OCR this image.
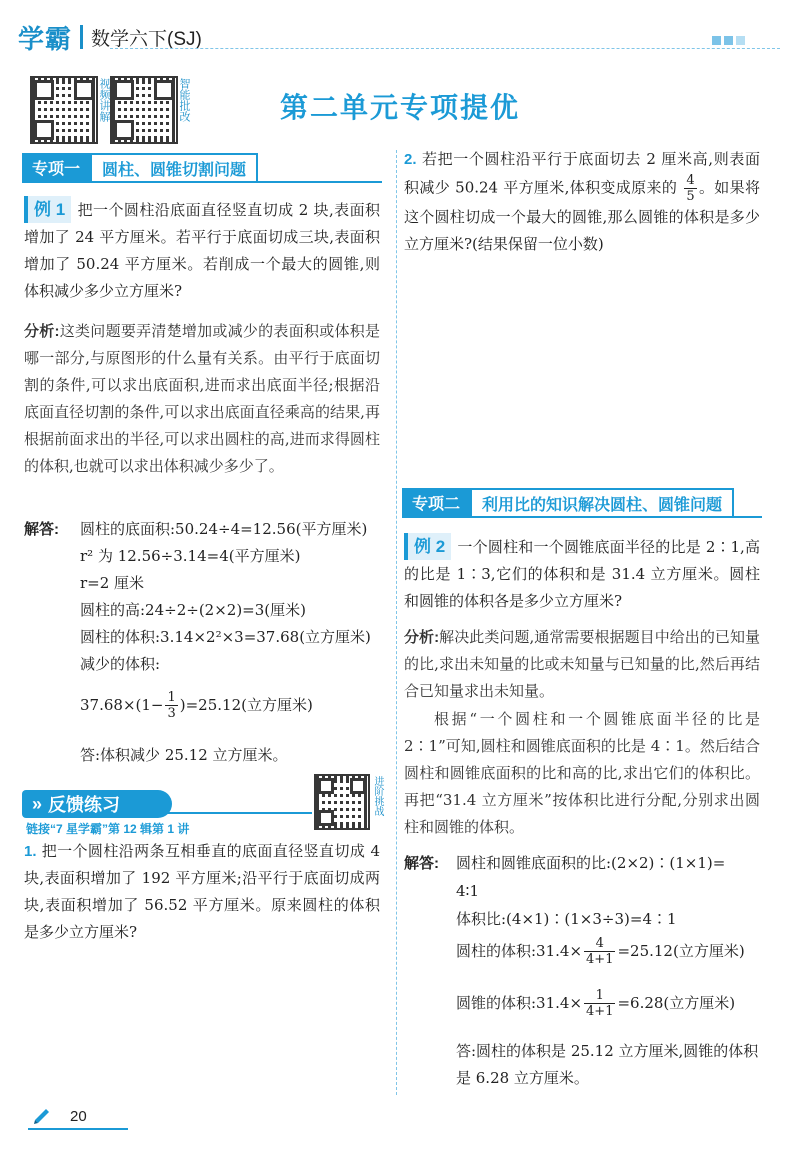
学霸 数学六下(SJ)
视频讲解	智能批改	第二单元专项提优
专项一	圆柱、圆锥切割问题
例 1 把一个圆柱沿底面直径竖直切成 2 块,表面积增加了 24 平方厘米。若平行于底面切成三块,表面积增加了 50.24 平方厘米。若削成一个最大的圆锥,则体积减少多少立方厘米?
分析:这类问题要弄清楚增加或减少的表面积或体积是哪一部分,与原图形的什么量有关系。由平行于底面切割的条件,可以求出底面积,进而求出底面半径;根据沿底面直径切割的条件,可以求出底面直径乘高的结果,再根据前面求出的半径,可以求出圆柱的高,进而求得圆柱的体积,也就可以求出体积减少多少了。
解答: 圆柱的底面积:50.24÷4=12.56(平方厘米)
r² 为 12.56÷3.14=4(平方厘米)
r=2 厘米
圆柱的高:24÷2÷(2×2)=3(厘米)
圆柱的体积:3.14×2²×3=37.68(立方厘米)
减少的体积:
$37.68\times (1- \frac{1}{3} )=25.12$(立方厘米)
答:体积减少 25.12 立方厘米。
» 反馈练习
链接“7 星学霸”第 12 辑第 1 讲
进阶挑战
1. 把一个圆柱沿两条互相垂直的底面直径竖直切成 4 块,表面积增加了 192 平方厘米;沿平行于底面切成两块,表面积增加了 56.52 平方厘米。原来圆柱的体积是多少立方厘米?
2. 若把一个圆柱沿平行于底面切去 2 厘米高,则表面积减少 50.24 平方厘米,体积变成原来的 $\frac{4}{5}$ 。如果将这个圆柱切成一个最大的圆锥,那么圆锥的体积是多少立方厘米?(结果保留一位小数)
专项二	利用比的知识解决圆柱、圆锥问题
例 2 一个圆柱和一个圆锥底面半径的比是 2∶1,高的比是 1∶3,它们的体积和是 31.4 立方厘米。圆柱和圆锥的体积各是多少立方厘米?
分析:解决此类问题,通常需要根据题目中给出的已知量的比,求出未知量的比或未知量与已知量的比,然后再结合已知量求出未知量。
根据“一个圆柱和一个圆锥底面半径的比是 2∶1”可知,圆柱和圆锥底面积的比是 4∶1。然后结合圆柱和圆锥底面积的比和高的比,求出它们的体积比。再把“31.4 立方厘米”按体积比进行分配,分别求出圆柱和圆锥的体积。
解答: 圆柱和圆锥底面积的比:(2×2)∶(1×1)=
4∶1
体积比:(4×1)∶(1×3÷3)=4∶1
圆柱的体积:31.4× $\frac{4}{4+1} =25.12$(立方厘米)
圆锥的体积:31.4× $\frac{1}{4+1} =6.28$(立方厘米)
答:圆柱的体积是 25.12 立方厘米,圆锥的体积是 6.28 立方厘米。
20
